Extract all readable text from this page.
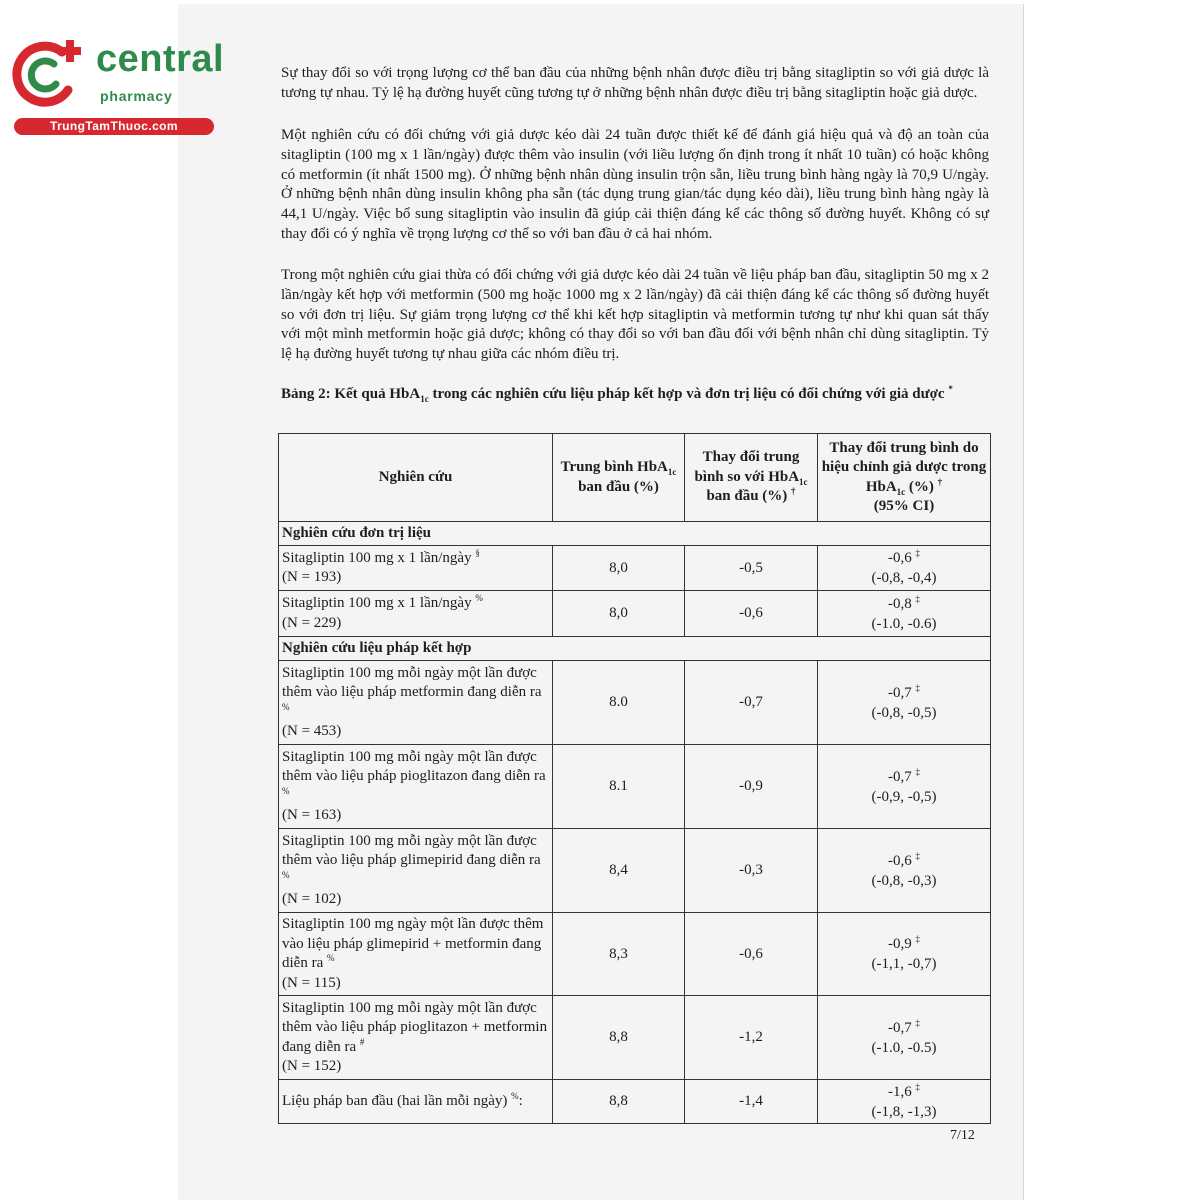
central
pharmacy
TrungTamThuoc.com
Sự thay đổi so với trọng lượng cơ thể ban đầu của những bệnh nhân được điều trị bằng sitagliptin so với giả dược là tương tự nhau. Tỷ lệ hạ đường huyết cũng tương tự ở những bệnh nhân được điều trị bằng sitagliptin hoặc giả dược.
Một nghiên cứu có đối chứng với giả dược kéo dài 24 tuần được thiết kế để đánh giá hiệu quả và độ an toàn của sitagliptin (100 mg x 1 lần/ngày) được thêm vào insulin (với liều lượng ổn định trong ít nhất 10 tuần) có hoặc không có metformin (ít nhất 1500 mg). Ở những bệnh nhân dùng insulin trộn sẵn, liều trung bình hàng ngày là 70,9 U/ngày. Ở những bệnh nhân dùng insulin không pha sẵn (tác dụng trung gian/tác dụng kéo dài), liều trung bình hàng ngày là 44,1 U/ngày. Việc bổ sung sitagliptin vào insulin đã giúp cải thiện đáng kể các thông số đường huyết. Không có sự thay đổi có ý nghĩa về trọng lượng cơ thể so với ban đầu ở cả hai nhóm.
Trong một nghiên cứu giai thừa có đối chứng với giả dược kéo dài 24 tuần về liệu pháp ban đầu, sitagliptin 50 mg x 2 lần/ngày kết hợp với metformin (500 mg hoặc 1000 mg x 2 lần/ngày) đã cải thiện đáng kể các thông số đường huyết so với đơn trị liệu. Sự giảm trọng lượng cơ thể khi kết hợp sitagliptin và metformin tương tự như khi quan sát thấy với một mình metformin hoặc giả dược; không có thay đổi so với ban đầu đối với bệnh nhân chỉ dùng sitagliptin. Tỷ lệ hạ đường huyết tương tự nhau giữa các nhóm điều trị.
Bảng 2: Kết quả HbA$_{1c}$ trong các nghiên cứu liệu pháp kết hợp và đơn trị liệu có đối chứng với giả dược *
Nghiên cứu	Trung bình HbA$_{1c}$ ban đầu (%)	Thay đổi trung bình so với HbA$_{1c}$ ban đầu (%) †	Thay đổi trung bình do hiệu chỉnh giả dược trong HbA$_{1c}$ (%) †
(95% CI)
Nghiên cứu đơn trị liệu			
Sitagliptin 100 mg x 1 lần/ngày §
(N = 193)	8,0	-0,5	-0,6 ‡
(-0,8, -0,4)
Sitagliptin 100 mg x 1 lần/ngày %
(N = 229)	8,0	-0,6	-0,8 ‡
(-1.0, -0.6)
Nghiên cứu liệu pháp kết hợp			
Sitagliptin 100 mg mỗi ngày một lần được thêm vào liệu pháp metformin đang diễn ra %
(N = 453)	8.0	-0,7	-0,7 ‡
(-0,8, -0,5)
Sitagliptin 100 mg mỗi ngày một lần được thêm vào liệu pháp pioglitazon đang diễn ra %
(N = 163)	8.1	-0,9	-0,7 ‡
(-0,9, -0,5)
Sitagliptin 100 mg mỗi ngày một lần được thêm vào liệu pháp glimepirid đang diễn ra %
(N = 102)	8,4	-0,3	-0,6 ‡
(-0,8, -0,3)
Sitagliptin 100 mg ngày một lần được thêm vào liệu pháp glimepirid + metformin đang diễn ra %
(N = 115)	8,3	-0,6	-0,9 ‡
(-1,1, -0,7)
Sitagliptin 100 mg mỗi ngày một lần được thêm vào liệu pháp pioglitazon + metformin đang diễn ra #
(N = 152)	8,8	-1,2	-0,7 ‡
(-1.0, -0.5)
Liệu pháp ban đầu (hai lần mỗi ngày) %:	8,8	-1,4	-1,6 ‡
(-1,8, -1,3)
7/12
